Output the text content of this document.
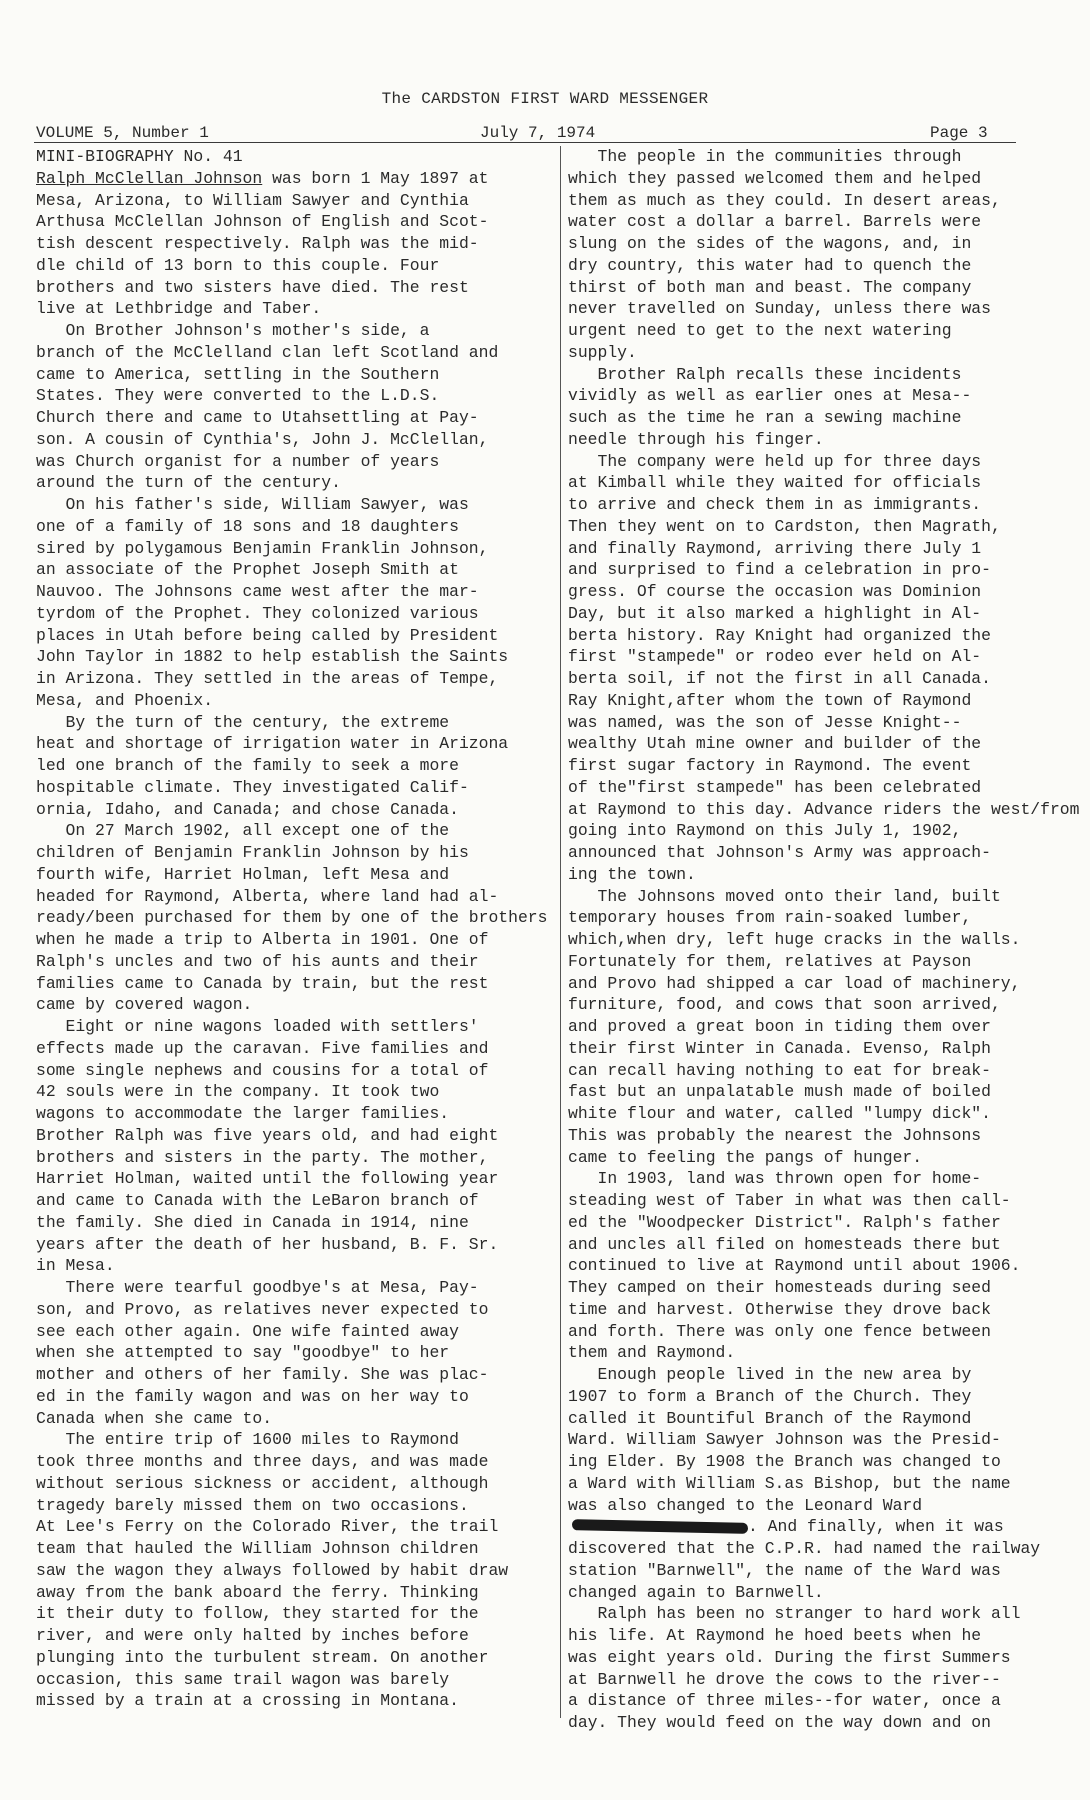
The CARDSTON FIRST WARD MESSENGER
VOLUME 5, Number 1	July 7, 1974	Page 3
MINI-BIOGRAPHY No. 41
Ralph McClellan Johnson was born 1 May 1897 at
Mesa, Arizona, to William Sawyer and Cynthia
Arthusa McClellan Johnson of English and Scot-
tish descent respectively. Ralph was the mid-
dle child of 13 born to this couple. Four
brothers and two sisters have died. The rest
live at Lethbridge and Taber.
On Brother Johnson's mother's side, a
branch of the McClelland clan left Scotland and
came to America, settling in the Southern
States. They were converted to the L.D.S.
Church there and came to Utahsettling at Pay-
son. A cousin of Cynthia's, John J. McClellan,
was Church organist for a number of years
around the turn of the century.
On his father's side, William Sawyer, was
one of a family of 18 sons and 18 daughters
sired by polygamous Benjamin Franklin Johnson,
an associate of the Prophet Joseph Smith at
Nauvoo. The Johnsons came west after the mar-
tyrdom of the Prophet. They colonized various
places in Utah before being called by President
John Taylor in 1882 to help establish the Saints
in Arizona. They settled in the areas of Tempe,
Mesa, and Phoenix.
By the turn of the century, the extreme
heat and shortage of irrigation water in Arizona
led one branch of the family to seek a more
hospitable climate. They investigated Calif-
ornia, Idaho, and Canada; and chose Canada.
On 27 March 1902, all except one of the
children of Benjamin Franklin Johnson by his
fourth wife, Harriet Holman, left Mesa and
headed for Raymond, Alberta, where land had al-
ready/been purchased for them by one of the brothers
when he made a trip to Alberta in 1901. One of
Ralph's uncles and two of his aunts and their
families came to Canada by train, but the rest
came by covered wagon.
Eight or nine wagons loaded with settlers'
effects made up the caravan. Five families and
some single nephews and cousins for a total of
42 souls were in the company. It took two
wagons to accommodate the larger families.
Brother Ralph was five years old, and had eight
brothers and sisters in the party. The mother,
Harriet Holman, waited until the following year
and came to Canada with the LeBaron branch of
the family. She died in Canada in 1914, nine
years after the death of her husband, B. F. Sr.
in Mesa.
There were tearful goodbye's at Mesa, Pay-
son, and Provo, as relatives never expected to
see each other again. One wife fainted away
when she attempted to say "goodbye" to her
mother and others of her family. She was plac-
ed in the family wagon and was on her way to
Canada when she came to.
The entire trip of 1600 miles to Raymond
took three months and three days, and was made
without serious sickness or accident, although
tragedy barely missed them on two occasions.
At Lee's Ferry on the Colorado River, the trail
team that hauled the William Johnson children
saw the wagon they always followed by habit draw
away from the bank aboard the ferry. Thinking
it their duty to follow, they started for the
river, and were only halted by inches before
plunging into the turbulent stream. On another
occasion, this same trail wagon was barely
missed by a train at a crossing in Montana.
The people in the communities through
which they passed welcomed them and helped
them as much as they could. In desert areas,
water cost a dollar a barrel. Barrels were
slung on the sides of the wagons, and, in
dry country, this water had to quench the
thirst of both man and beast. The company
never travelled on Sunday, unless there was
urgent need to get to the next watering
supply.
Brother Ralph recalls these incidents
vividly as well as earlier ones at Mesa--
such as the time he ran a sewing machine
needle through his finger.
The company were held up for three days
at Kimball while they waited for officials
to arrive and check them in as immigrants.
Then they went on to Cardston, then Magrath,
and finally Raymond, arriving there July 1
and surprised to find a celebration in pro-
gress. Of course the occasion was Dominion
Day, but it also marked a highlight in Al-
berta history. Ray Knight had organized the
first "stampede" or rodeo ever held on Al-
berta soil, if not the first in all Canada.
Ray Knight,after whom the town of Raymond
was named, was the son of Jesse Knight--
wealthy Utah mine owner and builder of the
first sugar factory in Raymond. The event
of the"first stampede" has been celebrated
at Raymond to this day. Advance riders the west/from
going into Raymond on this July 1, 1902,
announced that Johnson's Army was approach-
ing the town.
The Johnsons moved onto their land, built
temporary houses from rain-soaked lumber,
which,when dry, left huge cracks in the walls.
Fortunately for them, relatives at Payson
and Provo had shipped a car load of machinery,
furniture, food, and cows that soon arrived,
and proved a great boon in tiding them over
their first Winter in Canada. Evenso, Ralph
can recall having nothing to eat for break-
fast but an unpalatable mush made of boiled
white flour and water, called "lumpy dick".
This was probably the nearest the Johnsons
came to feeling the pangs of hunger.
In 1903, land was thrown open for home-
steading west of Taber in what was then call-
ed the "Woodpecker District". Ralph's father
and uncles all filed on homesteads there but
continued to live at Raymond until about 1906.
They camped on their homesteads during seed
time and harvest. Otherwise they drove back
and forth. There was only one fence between
them and Raymond.
Enough people lived in the new area by
1907 to form a Branch of the Church. They
called it Bountiful Branch of the Raymond
Ward. William Sawyer Johnson was the Presid-
ing Elder. By 1908 the Branch was changed to
a Ward with William S.as Bishop, but the name
was also changed to the Leonard Ward
. And finally, when it was
discovered that the C.P.R. had named the railway
station "Barnwell", the name of the Ward was
changed again to Barnwell.
Ralph has been no stranger to hard work all
his life. At Raymond he hoed beets when he
was eight years old. During the first Summers
at Barnwell he drove the cows to the river--
a distance of three miles--for water, once a
day. They would feed on the way down and on
